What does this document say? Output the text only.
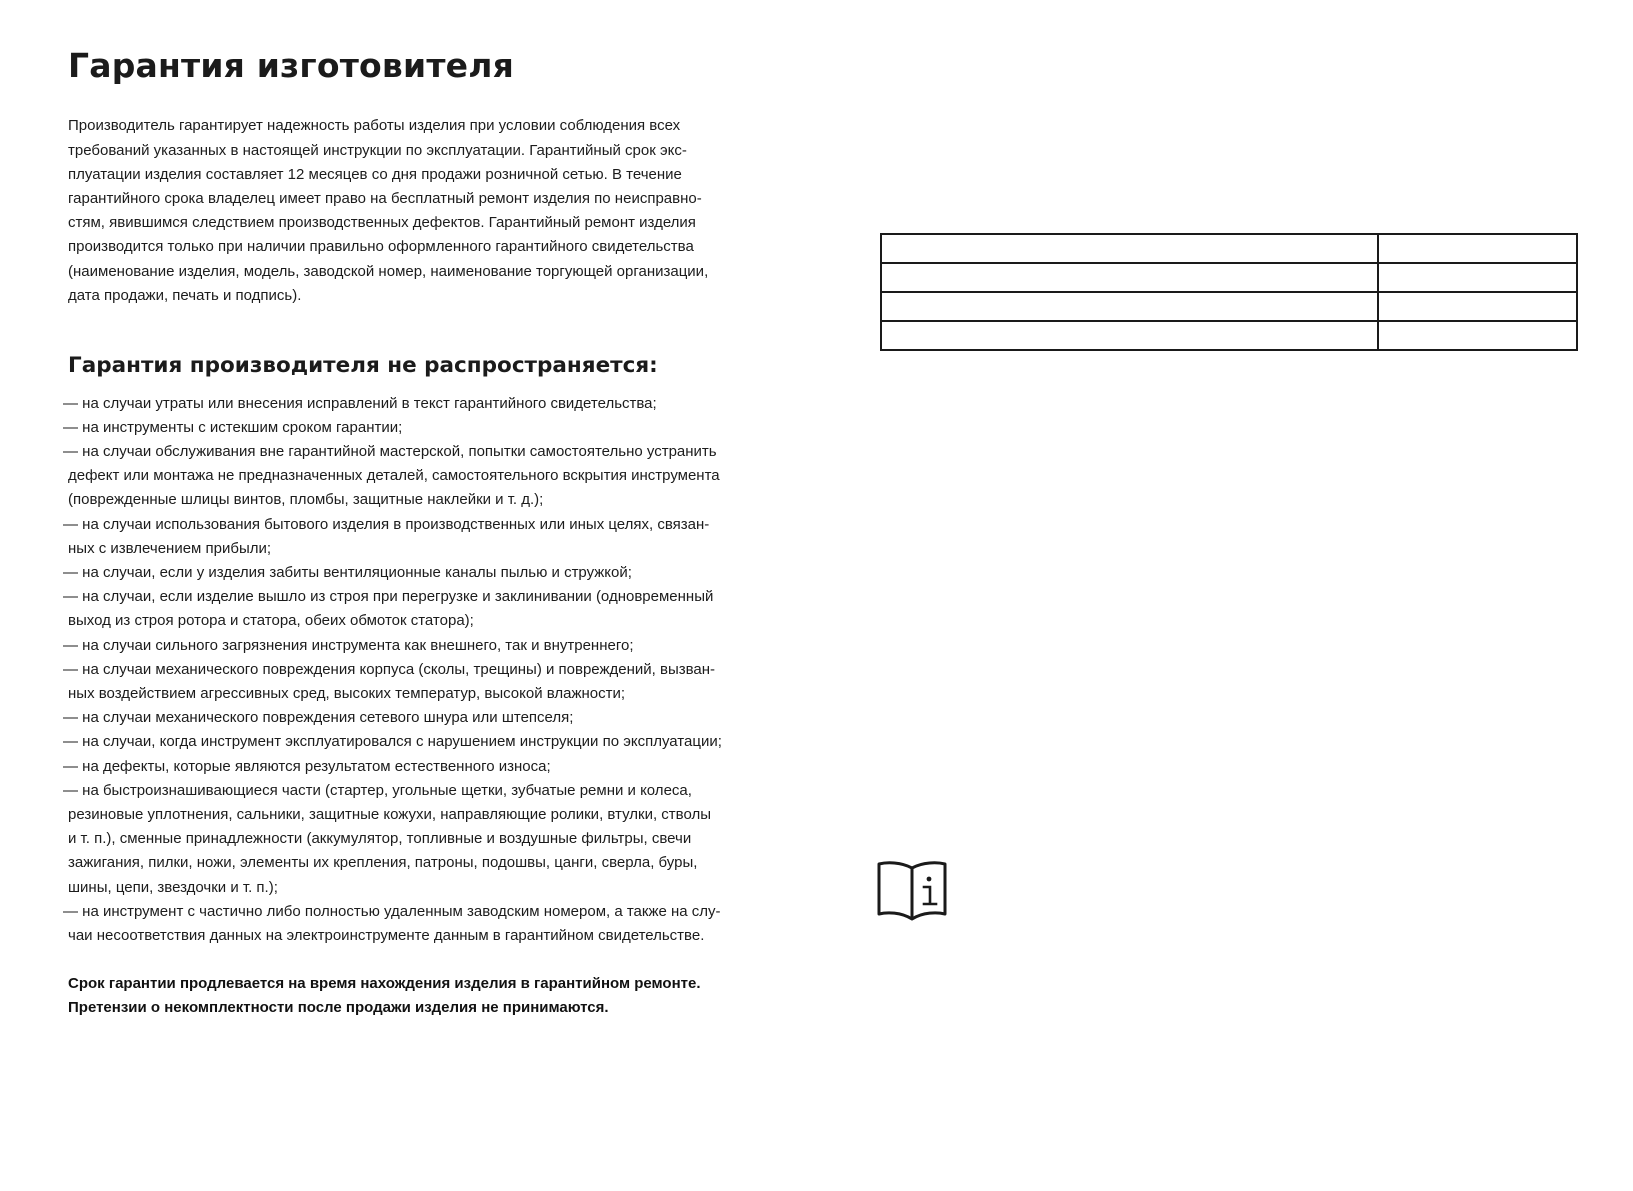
Гарантия изготовителя
Производитель гарантирует надежность работы изделия при условии соблюдения всех
требований указанных в настоящей инструкции по эксплуатации. Гарантийный срок экс-
плуатации изделия составляет 12 месяцев со дня продажи розничной сетью. В течение
гарантийного срока владелец имеет право на бесплатный ремонт изделия по неисправно-
стям, явившимся следствием производственных дефектов. Гарантийный ремонт изделия
производится только при наличии правильно оформленного гарантийного свидетельства
(наименование изделия, модель, заводской номер, наименование торгующей организации,
дата продажи, печать и подпись).
Гарантия производителя не распространяется:
— на случаи утраты или внесения исправлений в текст гарантийного свидетельства;
— на инструменты с истекшим сроком гарантии;
— на случаи обслуживания вне гарантийной мастерской, попытки самостоятельно устранить
дефект или монтажа не предназначенных деталей, самостоятельного вскрытия инструмента
(поврежденные шлицы винтов, пломбы, защитные наклейки и т. д.);
— на случаи использования бытового изделия в производственных или иных целях, связан-
ных с извлечением прибыли;
— на случаи, если у изделия забиты вентиляционные каналы пылью и стружкой;
— на случаи, если изделие вышло из строя при перегрузке и заклинивании (одновременный
выход из строя ротора и статора, обеих обмоток статора);
— на случаи сильного загрязнения инструмента как внешнего, так и внутреннего;
— на случаи механического повреждения корпуса (сколы, трещины) и повреждений, вызван-
ных воздействием агрессивных сред, высоких температур, высокой влажности;
— на случаи механического повреждения сетевого шнура или штепселя;
— на случаи, когда инструмент эксплуатировался с нарушением инструкции по эксплуатации;
— на дефекты, которые являются результатом естественного износа;
— на быстроизнашивающиеся части (стартер, угольные щетки, зубчатые ремни и колеса,
резиновые уплотнения, сальники, защитные кожухи, направляющие ролики, втулки, стволы
и т. п.), сменные принадлежности (аккумулятор, топливные и воздушные фильтры, свечи
зажигания, пилки, ножи, элементы их крепления, патроны, подошвы, цанги, сверла, буры,
шины, цепи, звездочки и т. п.);
— на инструмент с частично либо полностью удаленным заводским номером, а также на слу-
чаи несоответствия данных на электроинструменте данным в гарантийном свидетельстве.
Срок гарантии продлевается на время нахождения изделия в гарантийном ремонте.
Претензии о некомплектности после продажи изделия не принимаются.
